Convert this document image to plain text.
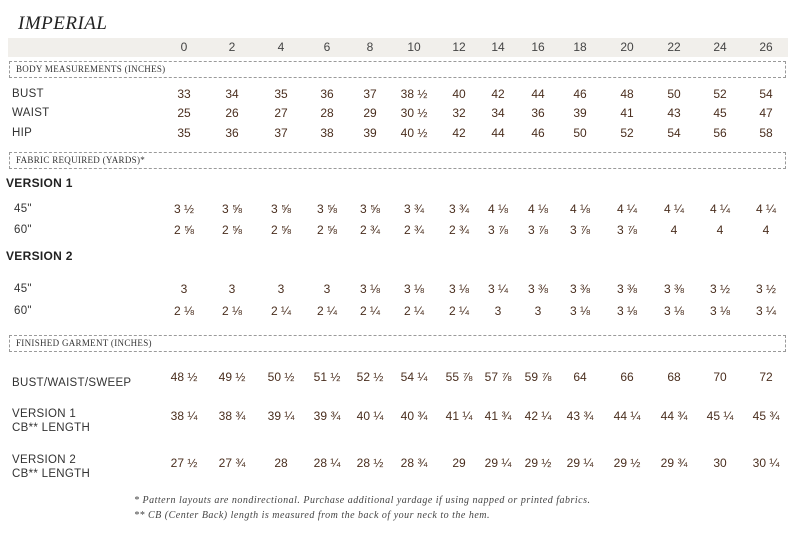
IMPERIAL
0	2	4	6	8	10	12	14	16	18	20	22	24	26
BODY MEASUREMENTS (INCHES)
FABRIC REQUIRED (YARDS)*
FINISHED GARMENT (INCHES)
BUST	33	34	35	36	37	38 ½	40	42	44	46	48	50	52	54
WAIST	25	26	27	28	29	30 ½	32	34	36	39	41	43	45	47
HIP	35	36	37	38	39	40 ½	42	44	46	50	52	54	56	58
VERSION 1
45"	3 ½	3 ⅝	3 ⅝	3 ⅝	3 ⅝	3 ¾	3 ¾	4 ⅛	4 ⅛	4 ⅛	4 ¼	4 ¼	4 ¼	4 ¼
60"	2 ⅝	2 ⅝	2 ⅝	2 ⅝	2 ¾	2 ¾	2 ¾	3 ⅞	3 ⅞	3 ⅞	3 ⅞	4	4	4
VERSION 2
45"	3	3	3	3	3 ⅛	3 ⅛	3 ⅛	3 ¼	3 ⅜	3 ⅜	3 ⅜	3 ⅜	3 ½	3 ½
60"	2 ⅛	2 ⅛	2 ¼	2 ¼	2 ¼	2 ¼	2 ¼	3	3	3 ⅛	3 ⅛	3 ⅛	3 ⅛	3 ¼
BUST/WAIST/SWEEP	48 ½	49 ½	50 ½	51 ½	52 ½	54 ¼	55 ⅞	57 ⅞	59 ⅞	64	66	68	70	72
VERSION 1
CB** LENGTH
38 ¼	38 ¾	39 ¼	39 ¾	40 ¼	40 ¾	41 ¼	41 ¾	42 ¼	43 ¾	44 ¼	44 ¾	45 ¼	45 ¾
VERSION 2
CB** LENGTH
27 ½	27 ¾	28	28 ¼	28 ½	28 ¾	29	29 ¼	29 ½	29 ¼	29 ½	29 ¾	30	30 ¼
* Pattern layouts are nondirectional. Purchase additional yardage if using napped or printed fabrics.
** CB (Center Back) length is measured from the back of your neck to the hem.
